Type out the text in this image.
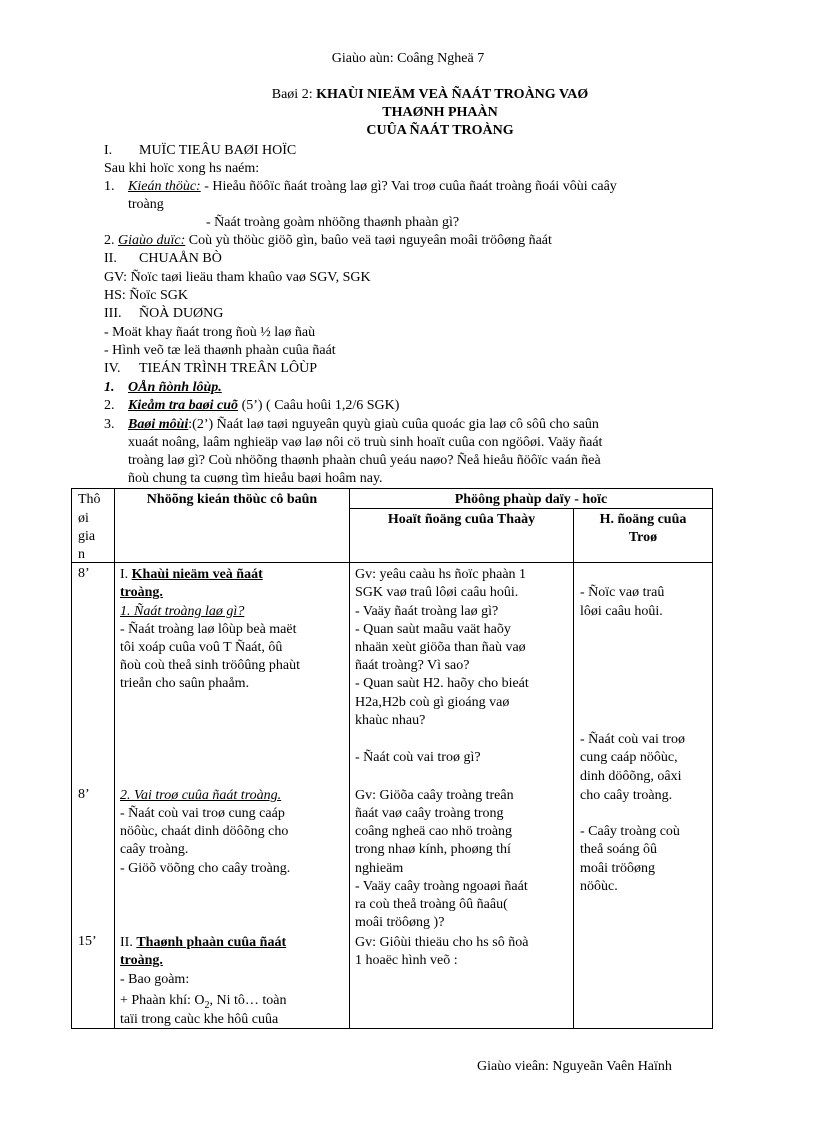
Giaùo aùn: Coâng Ngheä 7
Baøi 2: KHAÙI NIEÄM VEÀ ÑAÁT TROÀNG VAØ
THAØNH PHAÀN
CUÛA ÑAÁT TROÀNG
I. MUÏC TIEÂU BAØI HOÏC
Sau khi hoïc xong hs naém:
1. Kieán thöùc: - Hieåu ñöôïc ñaát troàng laø gì? Vai troø cuûa ñaát troàng ñoái vôùi caây
troàng
- Ñaát troàng goàm nhöõng thaønh phaàn gì?
2. Giaùo duïc: Coù yù thöùc giöõ gìn, baûo veä taøi nguyeân moâi tröôøng ñaát
II. CHUAÅN BÒ
GV: Ñoïc taøi lieäu tham khaûo vaø SGV, SGK
HS: Ñoïc SGK
III. ÑOÀ DUØNG
- Moät khay ñaát trong ñoù ½ laø ñaù
- Hình veõ tæ leä thaønh phaàn cuûa ñaát
IV. TIEÁN TRÌNH TREÂN LÔÙP
1. OÅn ñònh lôùp.
2. Kieåm tra baøi cuõ (5’) ( Caâu hoûi 1,2/6 SGK)
3. Baøi môùi:(2’) Ñaát laø taøi nguyeân quyù giaù cuûa quoác gia laø cô sôû cho saûn
xuaát noâng, laâm nghieäp vaø laø nôi cö truù sinh hoaït cuûa con ngöôøi. Vaäy ñaát
troàng laø gì? Coù nhöõng thaønh phaàn chuû yeáu naøo? Ñeå hieåu ñöôïc vaán ñeà
ñoù chung ta cuøng tìm hieåu baøi hoâm nay.
Thô
øi
gia
n
Nhöõng kieán thöùc cô baûn	Phöông phaùp daïy - hoïc
Hoaït ñoäng cuûa Thaày	H. ñoäng cuûa
Troø
8’
8’
15’
I. Khaùi nieäm veà ñaát
troàng.
1. Ñaát troàng laø gì?
- Ñaát troàng laø lôùp beà maët
tôi xoáp cuûa voû T Ñaát, ôû
ñoù coù theå sinh tröôûng phaùt
trieån cho saûn phaåm.
2. Vai troø cuûa ñaát troàng.
- Ñaát coù vai troø cung caáp
nöôùc, chaát dinh döôõng cho
caây troàng.
- Giöõ vöõng cho caây troàng.
II. Thaønh phaàn cuûa ñaát
troàng.
- Bao goàm:
+ Phaàn khí: $O_2$, Ni tô… toàn
taïi trong caùc khe hôû cuûa
Gv: yeâu caàu hs ñoïc phaàn 1
SGK vaø traû lôøi caâu hoûi.
- Vaäy ñaát troàng laø gì?
- Quan saùt maãu vaät haõy
nhaän xeùt giöõa than ñaù vaø
ñaát troàng? Vì sao?
- Quan saùt H2. haõy cho bieát
H2a,H2b coù gì gioáng vaø
khaùc nhau?
- Ñaát coù vai troø gì?
Gv: Giöõa caây troàng treân
ñaát vaø caây troàng trong
coâng ngheä cao nhö troàng
trong nhaø kính, phoøng thí
nghieäm
- Vaäy caây troàng ngoaøi ñaát
ra coù theå troàng ôû ñaâu(
moâi tröôøng )?
Gv: Giôùi thieäu cho hs sô ñoà
1 hoaëc hình veõ :
- Ñoïc vaø traû
lôøi caâu hoûi.
- Ñaát coù vai troø
cung caáp nöôùc,
dinh döôõng, oâxi
cho caây troàng.
- Caây troàng coù
theå soáng ôû
moâi tröôøng
nöôùc.
Giaùo vieân: Nguyeãn Vaên Haïnh
